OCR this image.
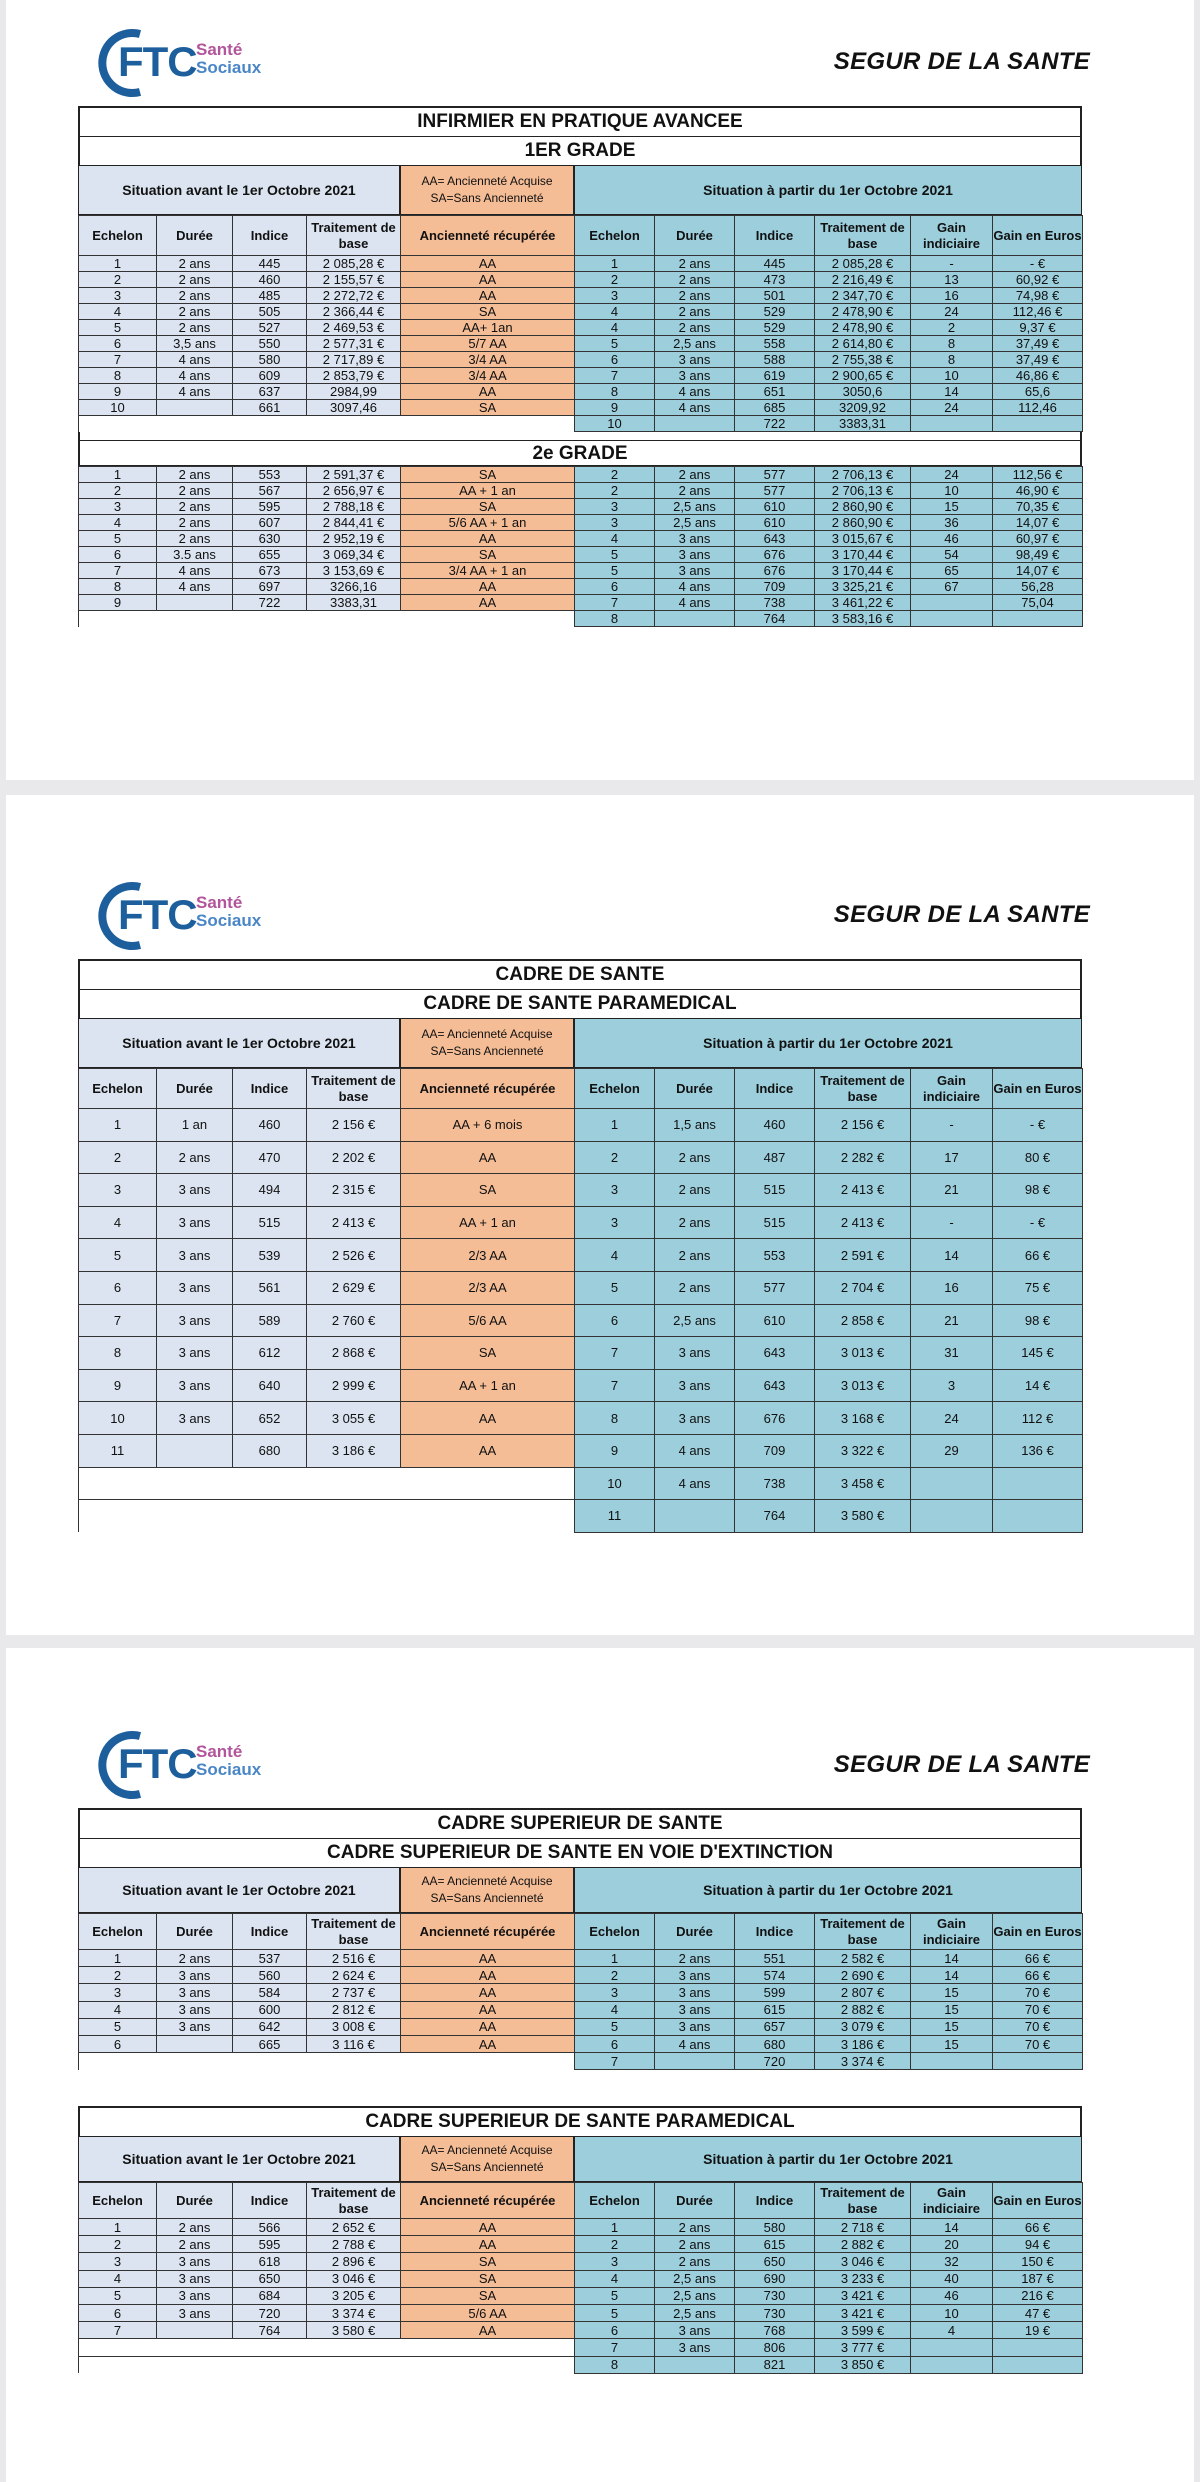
FTC Santé
Sociaux	SEGUR DE LA SANTE
INFIRMIER EN PRATIQUE AVANCEE
1ER GRADE
Situation avant le 1er Octobre 2021
AA= Ancienneté Acquise
SA=Sans Ancienneté	Situation à partir du 1er Octobre 2021
Echelon	Durée	Indice	Traitement de base	Ancienneté récupérée	Echelon	Durée	Indice	Traitement de base	Gain indiciaire	Gain en Euros
1	2 ans	445	2 085,28 €	AA	1	2 ans	445	2 085,28 €	-	- €
2	2 ans	460	2 155,57 €	AA	2	2 ans	473	2 216,49 €	13	60,92 €
3	2 ans	485	2 272,72 €	AA	3	2 ans	501	2 347,70 €	16	74,98 €
4	2 ans	505	2 366,44 €	SA	4	2 ans	529	2 478,90 €	24	112,46 €
5	2 ans	527	2 469,53 €	AA+ 1an	4	2 ans	529	2 478,90 €	2	9,37 €
6	3,5 ans	550	2 577,31 €	5/7 AA	5	2,5 ans	558	2 614,80 €	8	37,49 €
7	4 ans	580	2 717,89 €	3/4 AA	6	3 ans	588	2 755,38 €	8	37,49 €
8	4 ans	609	2 853,79 €	3/4 AA	7	3 ans	619	2 900,65 €	10	46,86 €
9	4 ans	637	2984,99	AA	8	4 ans	651	3050,6	14	65,6
10		661	3097,46	SA	9	4 ans	685	3209,92	24	112,46
					10		722	3383,31		
2e GRADE
1	2 ans	553	2 591,37 €	SA	2	2 ans	577	2 706,13 €	24	112,56 €
2	2 ans	567	2 656,97 €	AA + 1 an	2	2 ans	577	2 706,13 €	10	46,90 €
3	2 ans	595	2 788,18 €	SA	3	2,5 ans	610	2 860,90 €	15	70,35 €
4	2 ans	607	2 844,41 €	5/6 AA + 1 an	3	2,5 ans	610	2 860,90 €	36	14,07 €
5	2 ans	630	2 952,19 €	AA	4	3 ans	643	3 015,67 €	46	60,97 €
6	3.5 ans	655	3 069,34 €	SA	5	3 ans	676	3 170,44 €	54	98,49 €
7	4 ans	673	3 153,69 €	3/4 AA + 1 an	5	3 ans	676	3 170,44 €	65	14,07 €
8	4 ans	697	3266,16	AA	6	4 ans	709	3 325,21 €	67	56,28
9		722	3383,31	AA	7	4 ans	738	3 461,22 €		75,04
					8		764	3 583,16 €		
FTC Santé
Sociaux	SEGUR DE LA SANTE
CADRE DE SANTE
CADRE DE SANTE PARAMEDICAL
Situation avant le 1er Octobre 2021
AA= Ancienneté Acquise
SA=Sans Ancienneté	Situation à partir du 1er Octobre 2021
Echelon	Durée	Indice	Traitement de base	Ancienneté récupérée	Echelon	Durée	Indice	Traitement de base	Gain indiciaire	Gain en Euros
1	1 an	460	2 156 €	AA + 6 mois	1	1,5 ans	460	2 156 €	-	- €
2	2 ans	470	2 202 €	AA	2	2 ans	487	2 282 €	17	80 €
3	3 ans	494	2 315 €	SA	3	2 ans	515	2 413 €	21	98 €
4	3 ans	515	2 413 €	AA + 1 an	3	2 ans	515	2 413 €	-	- €
5	3 ans	539	2 526 €	2/3 AA	4	2 ans	553	2 591 €	14	66 €
6	3 ans	561	2 629 €	2/3 AA	5	2 ans	577	2 704 €	16	75 €
7	3 ans	589	2 760 €	5/6 AA	6	2,5 ans	610	2 858 €	21	98 €
8	3 ans	612	2 868 €	SA	7	3 ans	643	3 013 €	31	145 €
9	3 ans	640	2 999 €	AA + 1 an	7	3 ans	643	3 013 €	3	14 €
10	3 ans	652	3 055 €	AA	8	3 ans	676	3 168 €	24	112 €
11		680	3 186 €	AA	9	4 ans	709	3 322 €	29	136 €
					10	4 ans	738	3 458 €		
					11		764	3 580 €		
FTC Santé
Sociaux	SEGUR DE LA SANTE
CADRE SUPERIEUR DE SANTE
CADRE SUPERIEUR DE SANTE EN VOIE D'EXTINCTION
Situation avant le 1er Octobre 2021
AA= Ancienneté Acquise
SA=Sans Ancienneté	Situation à partir du 1er Octobre 2021
Echelon	Durée	Indice	Traitement de base	Ancienneté récupérée	Echelon	Durée	Indice	Traitement de base	Gain indiciaire	Gain en Euros
1	2 ans	537	2 516 €	AA	1	2 ans	551	2 582 €	14	66 €
2	3 ans	560	2 624 €	AA	2	3 ans	574	2 690 €	14	66 €
3	3 ans	584	2 737 €	AA	3	3 ans	599	2 807 €	15	70 €
4	3 ans	600	2 812 €	AA	4	3 ans	615	2 882 €	15	70 €
5	3 ans	642	3 008 €	AA	5	3 ans	657	3 079 €	15	70 €
6		665	3 116 €	AA	6	4 ans	680	3 186 €	15	70 €
					7		720	3 374 €		
CADRE SUPERIEUR DE SANTE PARAMEDICAL
Situation avant le 1er Octobre 2021
AA= Ancienneté Acquise
SA=Sans Ancienneté	Situation à partir du 1er Octobre 2021
Echelon	Durée	Indice	Traitement de base	Ancienneté récupérée	Echelon	Durée	Indice	Traitement de base	Gain indiciaire	Gain en Euros
1	2 ans	566	2 652 €	AA	1	2 ans	580	2 718 €	14	66 €
2	2 ans	595	2 788 €	AA	2	2 ans	615	2 882 €	20	94 €
3	3 ans	618	2 896 €	SA	3	2 ans	650	3 046 €	32	150 €
4	3 ans	650	3 046 €	SA	4	2,5 ans	690	3 233 €	40	187 €
5	3 ans	684	3 205 €	SA	5	2,5 ans	730	3 421 €	46	216 €
6	3 ans	720	3 374 €	5/6 AA	5	2,5 ans	730	3 421 €	10	47 €
7		764	3 580 €	AA	6	3 ans	768	3 599 €	4	19 €
					7	3 ans	806	3 777 €		
					8		821	3 850 €		
